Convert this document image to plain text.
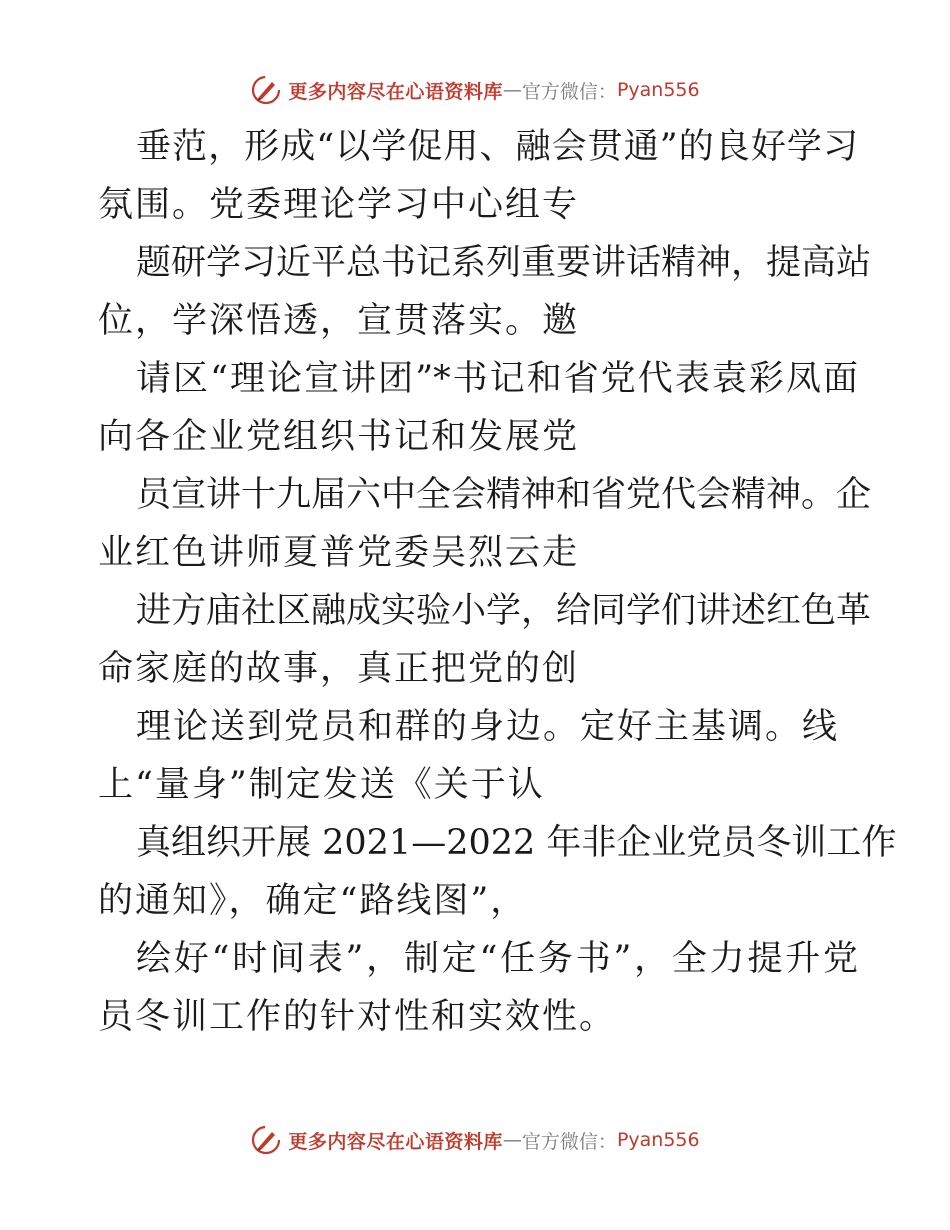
更多内容尽在心语资料库 — 官方微信： Pyan556
垂范，形成“以学促用、融会贯通”的良好学习
氛围。党委理论学习中心组专
题研学习近平总书记系列重要讲话精神，提高站
位，学深悟透，宣贯落实。邀
请区“理论宣讲团”*书记和省党代表袁彩凤面
向各企业党组织书记和发展党
员宣讲十九届六中全会精神和省党代会精神。企
业红色讲师夏普党委吴烈云走
进方庙社区融成实验小学，给同学们讲述红色革
命家庭的故事，真正把党的创
理论送到党员和群的身边。定好主基调。线
上“量身”制定发送《关于认
真组织开展 2021—2022 年非企业党员冬训工作
的通知》，确定“路线图”，
绘好“时间表”，制定“任务书”，全力提升党
员冬训工作的针对性和实效性。
更多内容尽在心语资料库 — 官方微信： Pyan556
